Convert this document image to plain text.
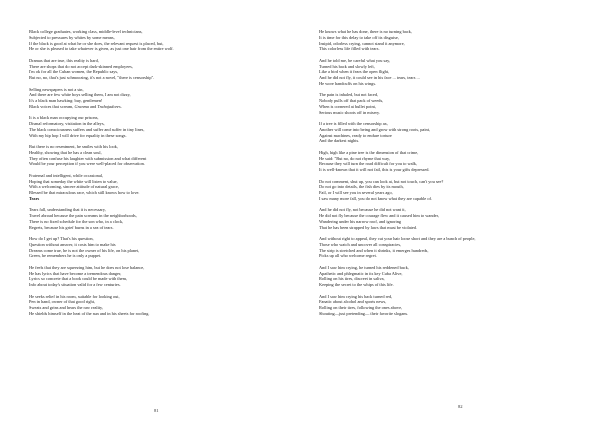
Black college graduates, working class, middle-level technicians,
Subjected to pressures by whites by some means,
If the black is good at what he or she does, the relevant request is placed, but,
He or she is pleased to take whatever is given, as just one hair from the entire wolf.
Dramas that are true, this reality is hard,
There are shops that do not accept dark-skinned employees,
I'm ok for all the Cuban women, the Republic says,
But no, no, that's just schmoozing, it's not a novel, "there is censorship".
Selling newspapers is not a sin,
And there are few white boys selling them, I am not dizzy,
It's a black man hawking: buy, gentlemen!
Black voices that scream, Granma and Trabajadores.
It is a black man occupying our prisons,
Dismal reformatory, visitation in the alleys,
The black consciousness suffers and suffer and suffer in tiny lines,
With my hip hop I will drive for equality in these songs.
But there is no resentment, he smiles with his look,
Healthy, showing that he has a clean soul,
They often confuse his laughter with submission and what different
Would be your perception if you were well-placed for observation.
Fraternal and intelligent, while occasional,
Hoping that someday the white will listen to value,
With a welcoming, sincere attitude of natural grace,
Blessed be that miraculous race, which still knows how to love.
Tears
Tears fall, understanding that it is necessary,
Travel abroad because the pain screams in the neighborhoods,
There is no fixed schedule for the son who, in a clock,
Regrets, because his grief burns in a sea of tears.
How do I get up? That's his question,
Question without answer, it costs him to make his
Dreams come true, he is not the owner of his life, on his planet,
Green, he remembers he is only a puppet.
He feels that they are squeezing him, but he does not lose balance,
He has lyrics that have become a tremendous danger,
Lyrics so concrete that a book could be made with them,
Info about today's situation valid for a few centuries.
He seeks relief in his room, suitable for looking out,
Pen in hand, owner of that good right,
Sweats and grins and hears the raw reality,
He shields himself in the heat of the sun and in his sheets for roofing.
81
He knows what he has done, there is no turning back,
It is time for this delay to take off its disguise,
Insipid, odorless crying, cannot stand it anymore,
This colorless life filled with tears.
And he told me, be careful what you say,
Turned his back and slowly left,
Like a bird when it fears the open flight,
And he did not fly, it could see in his face ... tears, tears ...
He wore handcuffs on his wings.
The pain is inhaled, but not faced,
Nobody pulls off that pack of weeds,
When is cornered at bullet point,
Serious music shoots off in misery.
If a tree is filled with the censorship ax,
Another will come into being and grow with strong roots, paint,
Against machines, ready to endure torture
And the darkest nights.
High, high like a pine tree is the dimension of that crime,
He said: "But no, do not rhyme that way,
Because they will turn the road difficult for you to walk,
It is well-known that it will not fail, this is your gifts depressed.
Do not comment, shut up, you can look at, but not touch, can't you see?
Do not go into details, the fish dies by its mouth,
Fail, or I will see you in several years ago,
I saw many more fall, you do not know what they are capable of.
And he did not fly, not because he did not want it,
He did not fly because the courage flew and it caused him to wander,
Wandering under his narrow roof, and ignoring
That he has been strapped by laws that must be violated.
And without right to appeal, they cut your hair loose short and they are a bunch of people,
Those who watch and uncover all conspiracies,
The strip is stretched and when it shrinks, it emerges hundreds,
Picks up all who welcome regret.
And I saw him crying, he turned his reddened back,
Apathetic and phlegmatic in its key Cuba Alive,
Rolling on his tires, discreet in saliva,
Keeping the secret to the whips of this life.
And I saw him crying his back turned red,
Fanatic about alcohol and sports news,
Rolling on their tires, following the ones above,
Shouting—just pretending— their favorite slogans.
82
